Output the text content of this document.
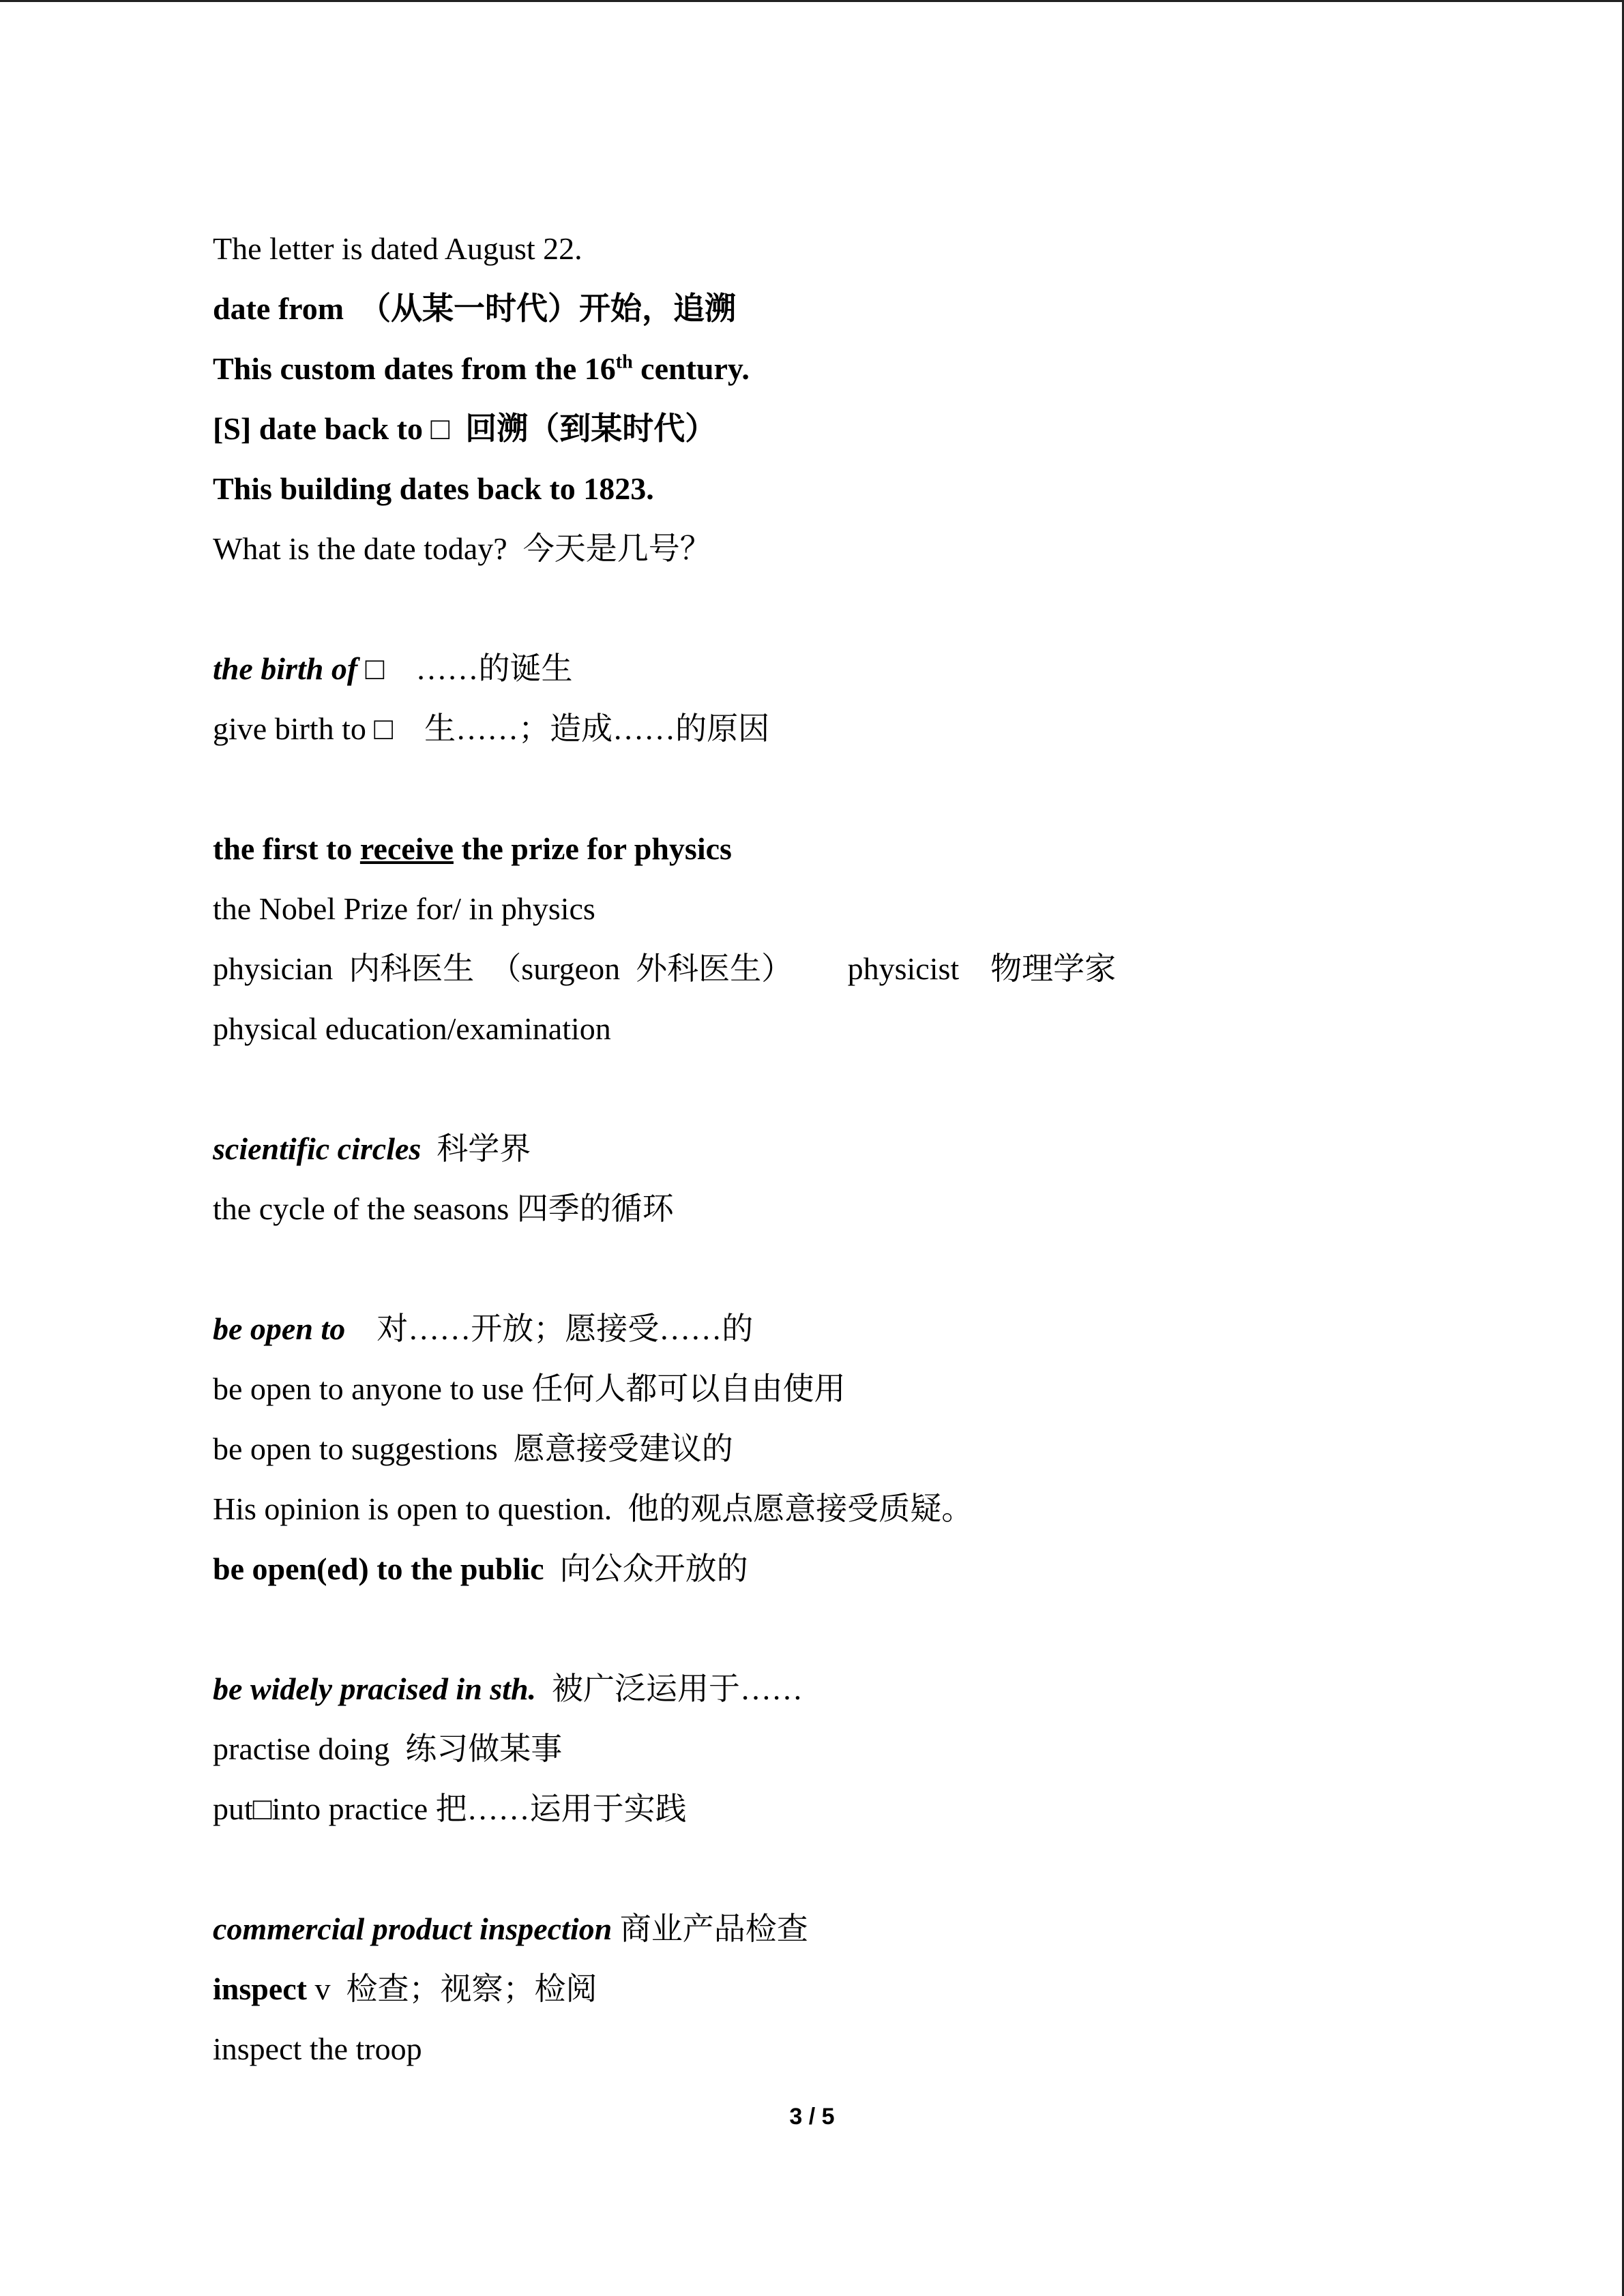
The letter is dated August 22.
date from  （从某一时代）开始，追溯
This custom dates from the 16th century.
[S] date back to □  回溯（到某时代）
This building dates back to 1823.
What is the date today?  今天是几号？
the birth of □    ……的诞生
give birth to □    生……；造成……的原因
the first to receive the prize for physics
the Nobel Prize for/ in physics
physician  内科医生  （surgeon  外科医生）       physicist    物理学家
physical education/examination
scientific circles  科学界
the cycle of the seasons 四季的循环
be open to    对……开放；愿接受……的
be open to anyone to use 任何人都可以自由使用
be open to suggestions  愿意接受建议的
His opinion is open to question.  他的观点愿意接受质疑。
be open(ed) to the public  向公众开放的
be widely pracised in sth.  被广泛运用于……
practise doing  练习做某事
put□into practice 把……运用于实践
commercial product inspection 商业产品检查
inspect v  检查；视察；检阅
inspect the troop
3 / 5
